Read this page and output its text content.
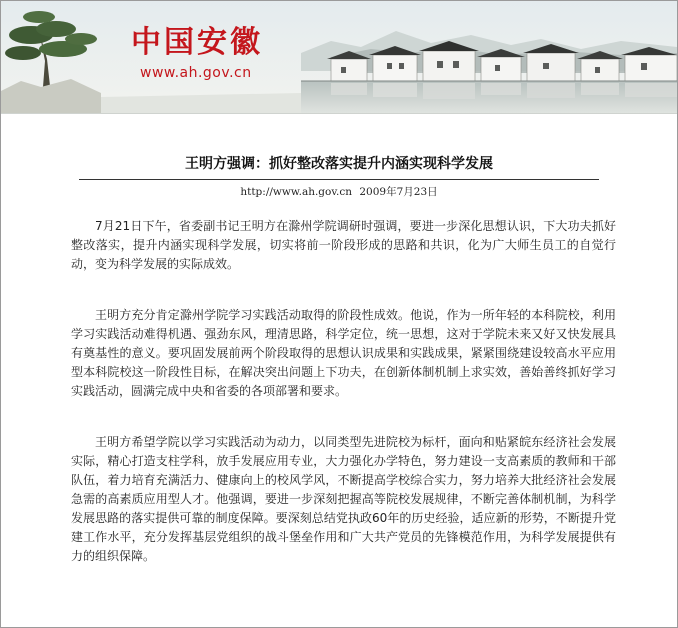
中国安徽
www.ah.gov.cn
王明方强调：抓好整改落实提升内涵实现科学发展
http://www.ah.gov.cn 2009年7月23日

7月21日下午，省委副书记王明方在滁州学院调研时强调，要进一步深化思想认识，下大功夫抓好整改落实，提升内涵实现科学发展，切实将前一阶段形成的思路和共识，化为广大师生员工的自觉行动，变为科学发展的实际成效。

王明方充分肯定滁州学院学习实践活动取得的阶段性成效。他说，作为一所年轻的本科院校，利用学习实践活动难得机遇、强劲东风，理清思路，科学定位，统一思想，这对于学院未来又好又快发展具有奠基性的意义。要巩固发展前两个阶段取得的思想认识成果和实践成果，紧紧围绕建设较高水平应用型本科院校这一阶段性目标，在解决突出问题上下功夫，在创新体制机制上求实效，善始善终抓好学习实践活动，圆满完成中央和省委的各项部署和要求。

王明方希望学院以学习实践活动为动力，以同类型先进院校为标杆，面向和贴紧皖东经济社会发展实际，精心打造支柱学科，放手发展应用专业，大力强化办学特色，努力建设一支高素质的教师和干部队伍，着力培育充满活力、健康向上的校风学风，不断提高学校综合实力，努力培养大批经济社会发展急需的高素质应用型人才。他强调，要进一步深刻把握高等院校发展规律，不断完善体制机制，为科学发展思路的落实提供可靠的制度保障。要深刻总结党执政60年的历史经验，适应新的形势，不断提升党建工作水平，充分发挥基层党组织的战斗堡垒作用和广大共产党员的先锋模范作用，为科学发展提供有力的组织保障。
